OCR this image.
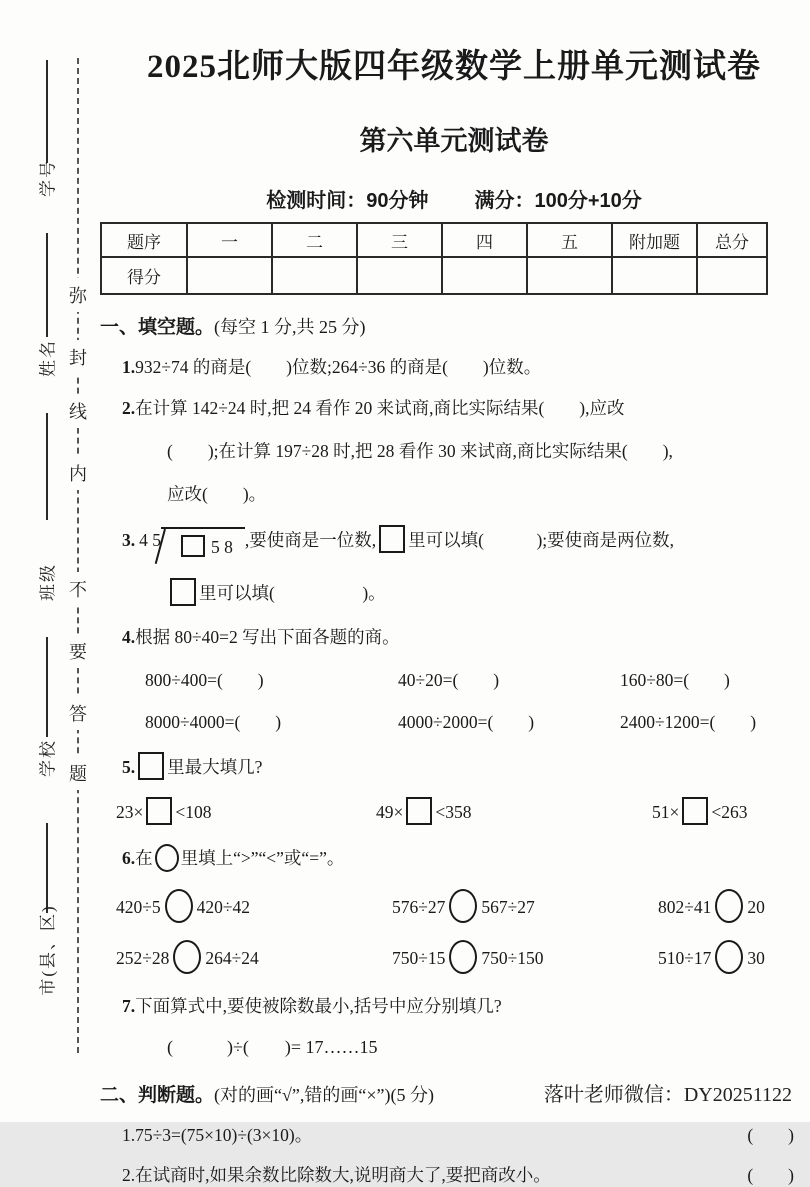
学号
姓名
班级
学校
市(县、区)
弥
封
线
内
不
要
答
题
2025北师大版四年级数学上册单元测试卷
第六单元测试卷
检测时间：90分钟 满分：100分+10分
题序	一	二	三	四	五	附加题	总分
得分							
一、填空题。(每空 1 分,共 25 分)
1.932÷74 的商是(　　)位数;264÷36 的商是(　　)位数。
2.在计算 142÷24 时,把 24 看作 20 来试商,商比实际结果(　　),应改
(　　);在计算 197÷28 时,把 28 看作 30 来试商,商比实际结果(　　),
应改(　　)。
3. 4 5	5 8 ,要使商是一位数, 里可以填(　　　);要使商是两位数,
里可以填(　　　　　)。
4.根据 80÷40=2 写出下面各题的商。
800÷400=(　　)	40÷20=(　　)	160÷80=(　　)
8000÷4000=(　　)	4000÷2000=(　　)	2400÷1200=(　　)
5. 里最大填几?
23× <108	49× <358	51× <263
6.在 里填上“>”“<”或“=”。
420÷5 420÷42	576÷27 567÷27	802÷41 20
252÷28 264÷24	750÷15 750÷150	510÷17 30
7.下面算式中,要使被除数最小,括号中应分别填几?
(　　　)÷(　　)= 17……15
二、判断题。(对的画“√”,错的画“×”)(5 分)
1.75÷3=(75×10)÷(3×10)。	(　　)
2.在试商时,如果余数比除数大,说明商大了,要把商改小。	(　　)
落叶老师微信：DY20251122
